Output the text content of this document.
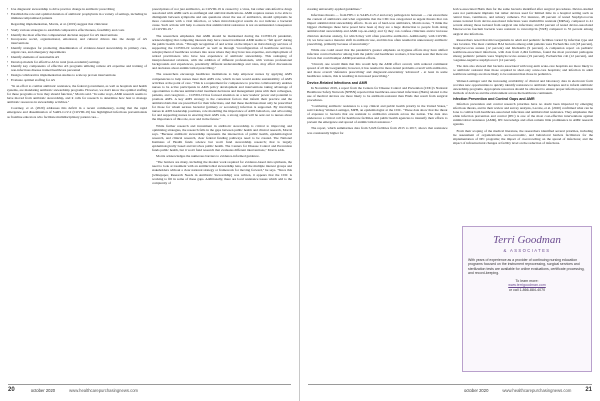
• Use diagnostic stewardship to drive practice change in antibiotic prescribing
• Establish the role and optimal duration of antibiotic prophylaxis in a variety of settings, including in immunocompromised patients

Regarding implementation, Morris, et al. (2019) suggest that clinicians:

• Study various strategies to establish comparative effectiveness, feasibility and costs
• Identify the most effective computerized decision support for AS interventions
• Incorporate social, organizational, emotional, and cultural drivers into the design of AS interventions
• Identify strategies for promoting dissemination of evidence-based stewardship in primary care, urgent care, and emergency departments
• Identify elements of sustainable AS
• Develop models for effective AS in rural (non-academic) settings
• Identify key components of effective AS programs utilizing remote AS expertise and training of non-infectious disease trained healthcare personnel
• Design collaborative implementation studies to scale up proven interventions
• Evaluate optimal staffing for AS

"In an effort to combat antibiotic resistance, the federal government, as well as hospitals and health systems, are mandating antibiotic stewardship programs. However, we don't know the optimal staffing for these programs or how they should function," Morris said. "In some ways, AMR research seems to have moved from antibiotic stewardship, and it calls for research to determine how best to manage antibiotic resources in stewardship activities."

Courtney, et al. (2020) addresses this deficit in a recent commentary, noting that the rapid emergence and dissemination of SARS-CoV-2 (COVID-19) has highlighted infectious preventionists as frontline educators who facilitate multidisciplinary patient care...

prescriptions of not just antibiotics, as COVID-19 is caused by a virus, but rather anti-infective drugs associated with AMR such as antifungal and antiviral medications. AMR requires nurses to be able to distinguish between symptoms and ask questions about the use of antibiotics, should symptoms be more consistent with a viral infection, or when microbiological results do not indicate a bacterial cause. Such actions will help to ensure that antimicrobial resistance is not an unintended consequence of COVID-19."

The researchers emphasize that AMR should be maintained during the COVID-19 pandemic, acknowledging that competing interests may have caused traditional AMR teams to "fall apart" during the public health crisis. "Through recognition of and action on the impact on microbiology services of supporting the COVID-19 workload" as well as through "reconfiguration of healthcare services, redeployment of healthcare workers into areas where they may have less expertise, and employment of retired practitioners who have less experience of antibiotic stewardship. This reshaping of interprofessional relations, with the addition of different professionals, with various professional backgrounds and experiences, potentially different understandings and roles, may affect discussions and decisions about antimicrobial prescribing."

The researchers encourage healthcare institutions to help empower nurses by applying AMS competencies to help nurses meet their AMS role, which in turn would enable sustainability of AMS activities at the point of care. "This is a requirement for competence to practice collaboratively enables nurses to be active participants in AMS policy development and interventions taking advantage of opportunities to discuss antimicrobial treatment decisions and management plans with their colleagues, patients, and caregivers ... COVID-19 has focused attention on a new leaders' power and potential to promote AMS. A key AMS strategy is the contextual factors that inform their practice and the antimicrobials that are prescribed for their infections, and that these medicines must only be prescribed for those for whom serious bacterial (primary or secondary) infection is supported. By involving nurses in AMS leadership positions, role modelling the importance of AMS behaviors, and advocating for and supporting nurses in enacting their AMS role, a strong signal will be sent out to nurses about the importance of this role, now and in the future."

While further research and investment in antibiotic stewardship is critical to improving and optimizing strategies, the research falls in the gaps between public health and clinical research, Morris says. "Because antibiotic stewardship represents the intersection of public health, epidemiological research, and clinical research, clear federal funding pathways need to be created. The National Institutes of Health funds science but won't fund stewardship research; that is largely epidemiologically based and involves public health. The Centers for Disease Control and Prevention funds public health, but it won't fund research that evaluates different interventions," Morris adds.

Morris acknowledges the numerous barriers to evidence-informed guidance.

"The barriers are many, including the modest work required for evidence-based data synthesis, the need to look at treatment with an antimicrobial stewardship lens, and the multiple interest groups and stakeholders without a clear national strategy or framework for moving forward," he says. "Since this [whitepaper, Research Needs in Antibiotic Stewardship] was written, it appears that the CDC is working to fill in some of these gaps. Additionally, there are local resistance issues which add to the complexity of

20	october 2020	www.healthcarepurchasingnews.com

creating universally applied guidelines."

Infectious threats — from HIV-1 to SARS-CoV-2 and every pathogen in between — can exacerbate the context of antibiotics and what organisms that the CDC has categorized as urgent threats that can impact antimicrobial stewardship efforts. In an era of hard-won antibiotics, Morris notes, "I think the biggest challenges these have posed have been a) they are a huge distraction to people from doing antimicrobial stewardship and AMR tap-on-ends); and b) they can confuse clinicians and/or increase clinician decision anxiety, for which they will often prescribe antibiotics. Additionally, with COVID-19, we have seen a massive shift in antibiotic use, and this has often resulted in unnecessary antibiotic prescribing, primarily because of uncertainty."

While one could assert that the pandemic's greater emphasis on hygiene efforts may have shifted infection control behavior among both the public and healthcare workers, it has been seen that there are factors that could hamper AMR/prevention efforts.

"Overall, one would think that this would help the AMR effort overall, with reduced communal spread of all microorganisms; however, it has resulted in more dental problems overall with antibiotics, and more overall 'defensive prescribing' and diagnostic-uncertainty 'advanced' - at least in some healthcare centers, this is resulting in increased prescribing."

Device-Related Infections and AMR

In November 2019, a report from the Centers for Disease Control and Prevention (CDC)'s National Healthcare Safety Network (NHSN) reported that healthcare-associated infections (HAIs) related to the use of medical devices are more likely to be antibiotic-resistant than HAIs that result from surgical procedures.

"Combating antibiotic resistance is a top clinical and public health priority in the United States," said Lindsay Weiner-Lastinger, MPH, an epidemiologist at the CDC. "These data show that the threat of exposure to bacteria that are resistant to antibiotics extends across the nation. The data also underscore a critical call for healthcare facilities and public health agencies to intensify their efforts to prevent the emergence and spread of antimicrobial resistance."

The report, which summarizes data from 5,626 facilities from 2015 to 2017, shows that resistance was consistently higher for

device-associated HAIs than for the same bacteria identified after surgical procedures. Device-studied were not permanent implants but rather devices used for limited time in a hospital setting such as central lines, ventilators, and urinary catheters. For instance, 48 percent of tested Staphylococcus aureus isolated from device-associated infections were methicillin resistant (MRSA), compared to 41 percent among those isolated from surgical site infections; and 82 percent of tested device-associated Enterococcus faecium bacteria were resistant to vancomycin (VRE) compared to 55 percent among surgical site infections.

Researchers noted that microorganisms in adult and pediatric facilities varied by infection type and care location. The most common HAI bacteria among adult patients were Escherichia coli (18 percent), Staphylococcus aureus (12 percent) and Klebsiella (9 percent). A companion report on pediatric healthcare-associated infections, with data from 2,494 facilities, found the most prevalent pathogens among pediatric patients were Staphylococcus aureus (19 percent), Escherichia coli (12 percent), and coagulase-negative staphylococci (12 percent).

The data also showed that bacteria associated with long-term acute-care hospitals are more likely to be antibiotic resistant than those acquired in short-stay acute-care hospitals; and infection in adult healthcare settings are more likely to be resistant than those in pediatrics.

Weiner-Lastinger said the increasing availability of clinical and laboratory data in electronic form provides new opportunities to quickly identify resistance to antibiotic therapies and to inform antibiotic stewardship programs. Appropriate resources should be allocated to ensure proper infection prevention methods of devices and the environment across the healthcare continuum.

Infection Prevention and Control Gaps and AMR

Infection prevention and control research priorities have no doubt been impacted by emerging infectious threats, and in their review and survey analysis, Lacotte, et al. (2020) confirmed what can be done to combat both healthcare-associated infections and antimicrobial resistance. They emphasize that while infection prevention and control (IPC) is one of the most cost-effective interventions against antimicrobial resistance (AMR), IPC knowledge and often remain little prominence in AMR research agendas.

From their scoping of the medical literature, the researchers identified several priorities, including the assessment of organizational, socio-economic, and behavioral barriers facilitators for the implementation of IPC programs; the impact of overcrowding on the spread of infections; and the impact of infrastructural changes at facility level on the reduction of infections.

Terri Goodman
& ASSOCIATES
With years of experience as a provider of continuing nursing education programs focused on the instrument reprocessing, surgical services and sterilization tests are available for online evaluations, certificate processing, and record-keeping.
To learn more:
www.terrigoodman.com
or call 1-866-884-4070
october 2020	www.healthcarepurchasingnews.com 21
